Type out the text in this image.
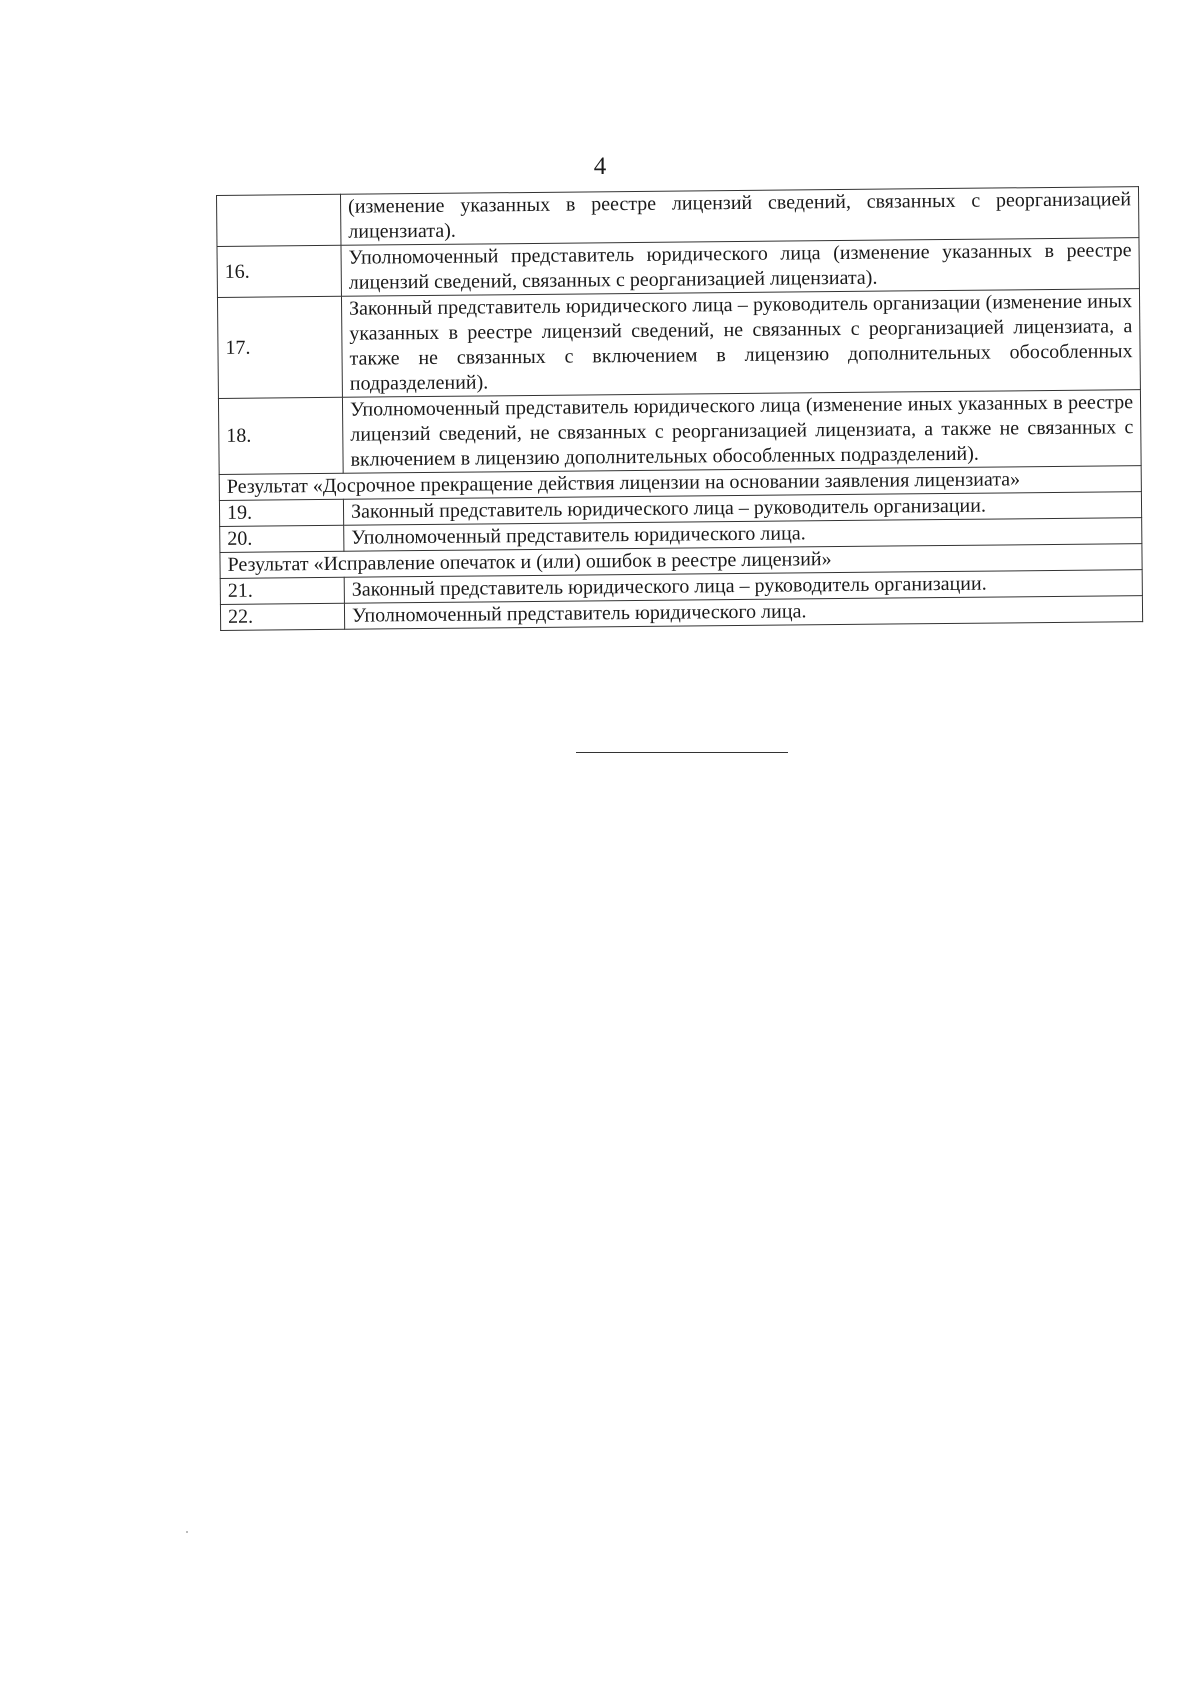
4
	(изменение указанных в реестре лицензий сведений, связанных с реорганизацией лицензиата).
16.	Уполномоченный представитель юридического лица (изменение указанных в реестре лицензий сведений, связанных с реорганизацией лицензиата).
17.	Законный представитель юридического лица – руководитель организации (изменение иных указанных в реестре лицензий сведений, не связанных с реорганизацией лицензиата, а также не связанных с включением в лицензию дополнительных обособленных подразделений).
18.	Уполномоченный представитель юридического лица (изменение иных указанных в реестре лицензий сведений, не связанных с реорганизацией лицензиата, а также не связанных с включением в лицензию дополнительных обособленных подразделений).
Результат «Досрочное прекращение действия лицензии на основании заявления лицензиата»	
19.	Законный представитель юридического лица – руководитель организации.
20.	Уполномоченный представитель юридического лица.
Результат «Исправление опечаток и (или) ошибок в реестре лицензий»	
21.	Законный представитель юридического лица – руководитель организации.
22.	Уполномоченный представитель юридического лица.
